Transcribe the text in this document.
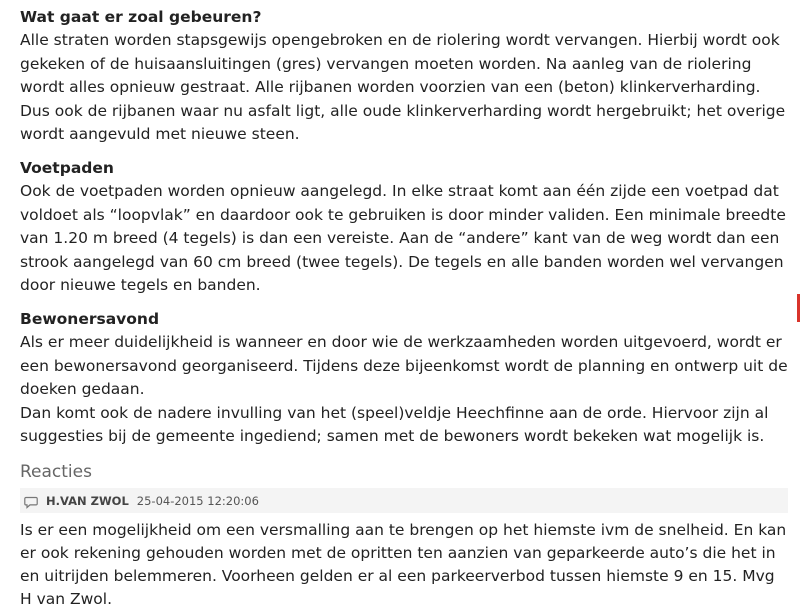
Wat gaat er zoal gebeuren?

Alle straten worden stapsgewijs opengebroken en de riolering wordt vervangen. Hierbij wordt ook gekeken of de huisaansluitingen (gres) vervangen moeten worden. Na aanleg van de riolering wordt alles opnieuw gestraat. Alle rijbanen worden voorzien van een (beton) klinkerverharding. Dus ook de rijbanen waar nu asfalt ligt, alle oude klinkerverharding wordt hergebruikt; het overige wordt aangevuld met nieuwe steen.

Voetpaden

Ook de voetpaden worden opnieuw aangelegd. In elke straat komt aan één zijde een voetpad dat voldoet als “loopvlak” en daardoor ook te gebruiken is door minder validen. Een minimale breedte van 1.20 m breed (4 tegels) is dan een vereiste. Aan de “andere” kant van de weg wordt dan een strook aangelegd van 60 cm breed (twee tegels). De tegels en alle banden worden wel vervangen door nieuwe tegels en banden.

Bewonersavond

Als er meer duidelijkheid is wanneer en door wie de werkzaamheden worden uitgevoerd, wordt er een bewonersavond georganiseerd. Tijdens deze bijeenkomst wordt de planning en ontwerp uit de doeken gedaan.

Dan komt ook de nadere invulling van het (speel)veldje Heechfinne aan de orde. Hiervoor zijn al suggesties bij de gemeente ingediend; samen met de bewoners wordt bekeken wat mogelijk is.

Reacties
H.VAN ZWOL 25-04-2015 12:20:06

Is er een mogelijkheid om een versmalling aan te brengen op het hiemste ivm de snelheid. En kan er ook rekening gehouden worden met de opritten ten aanzien van geparkeerde auto’s die het in en uitrijden belemmeren. Voorheen gelden er al een parkeerverbod tussen hiemste 9 en 15. Mvg H van Zwol.
